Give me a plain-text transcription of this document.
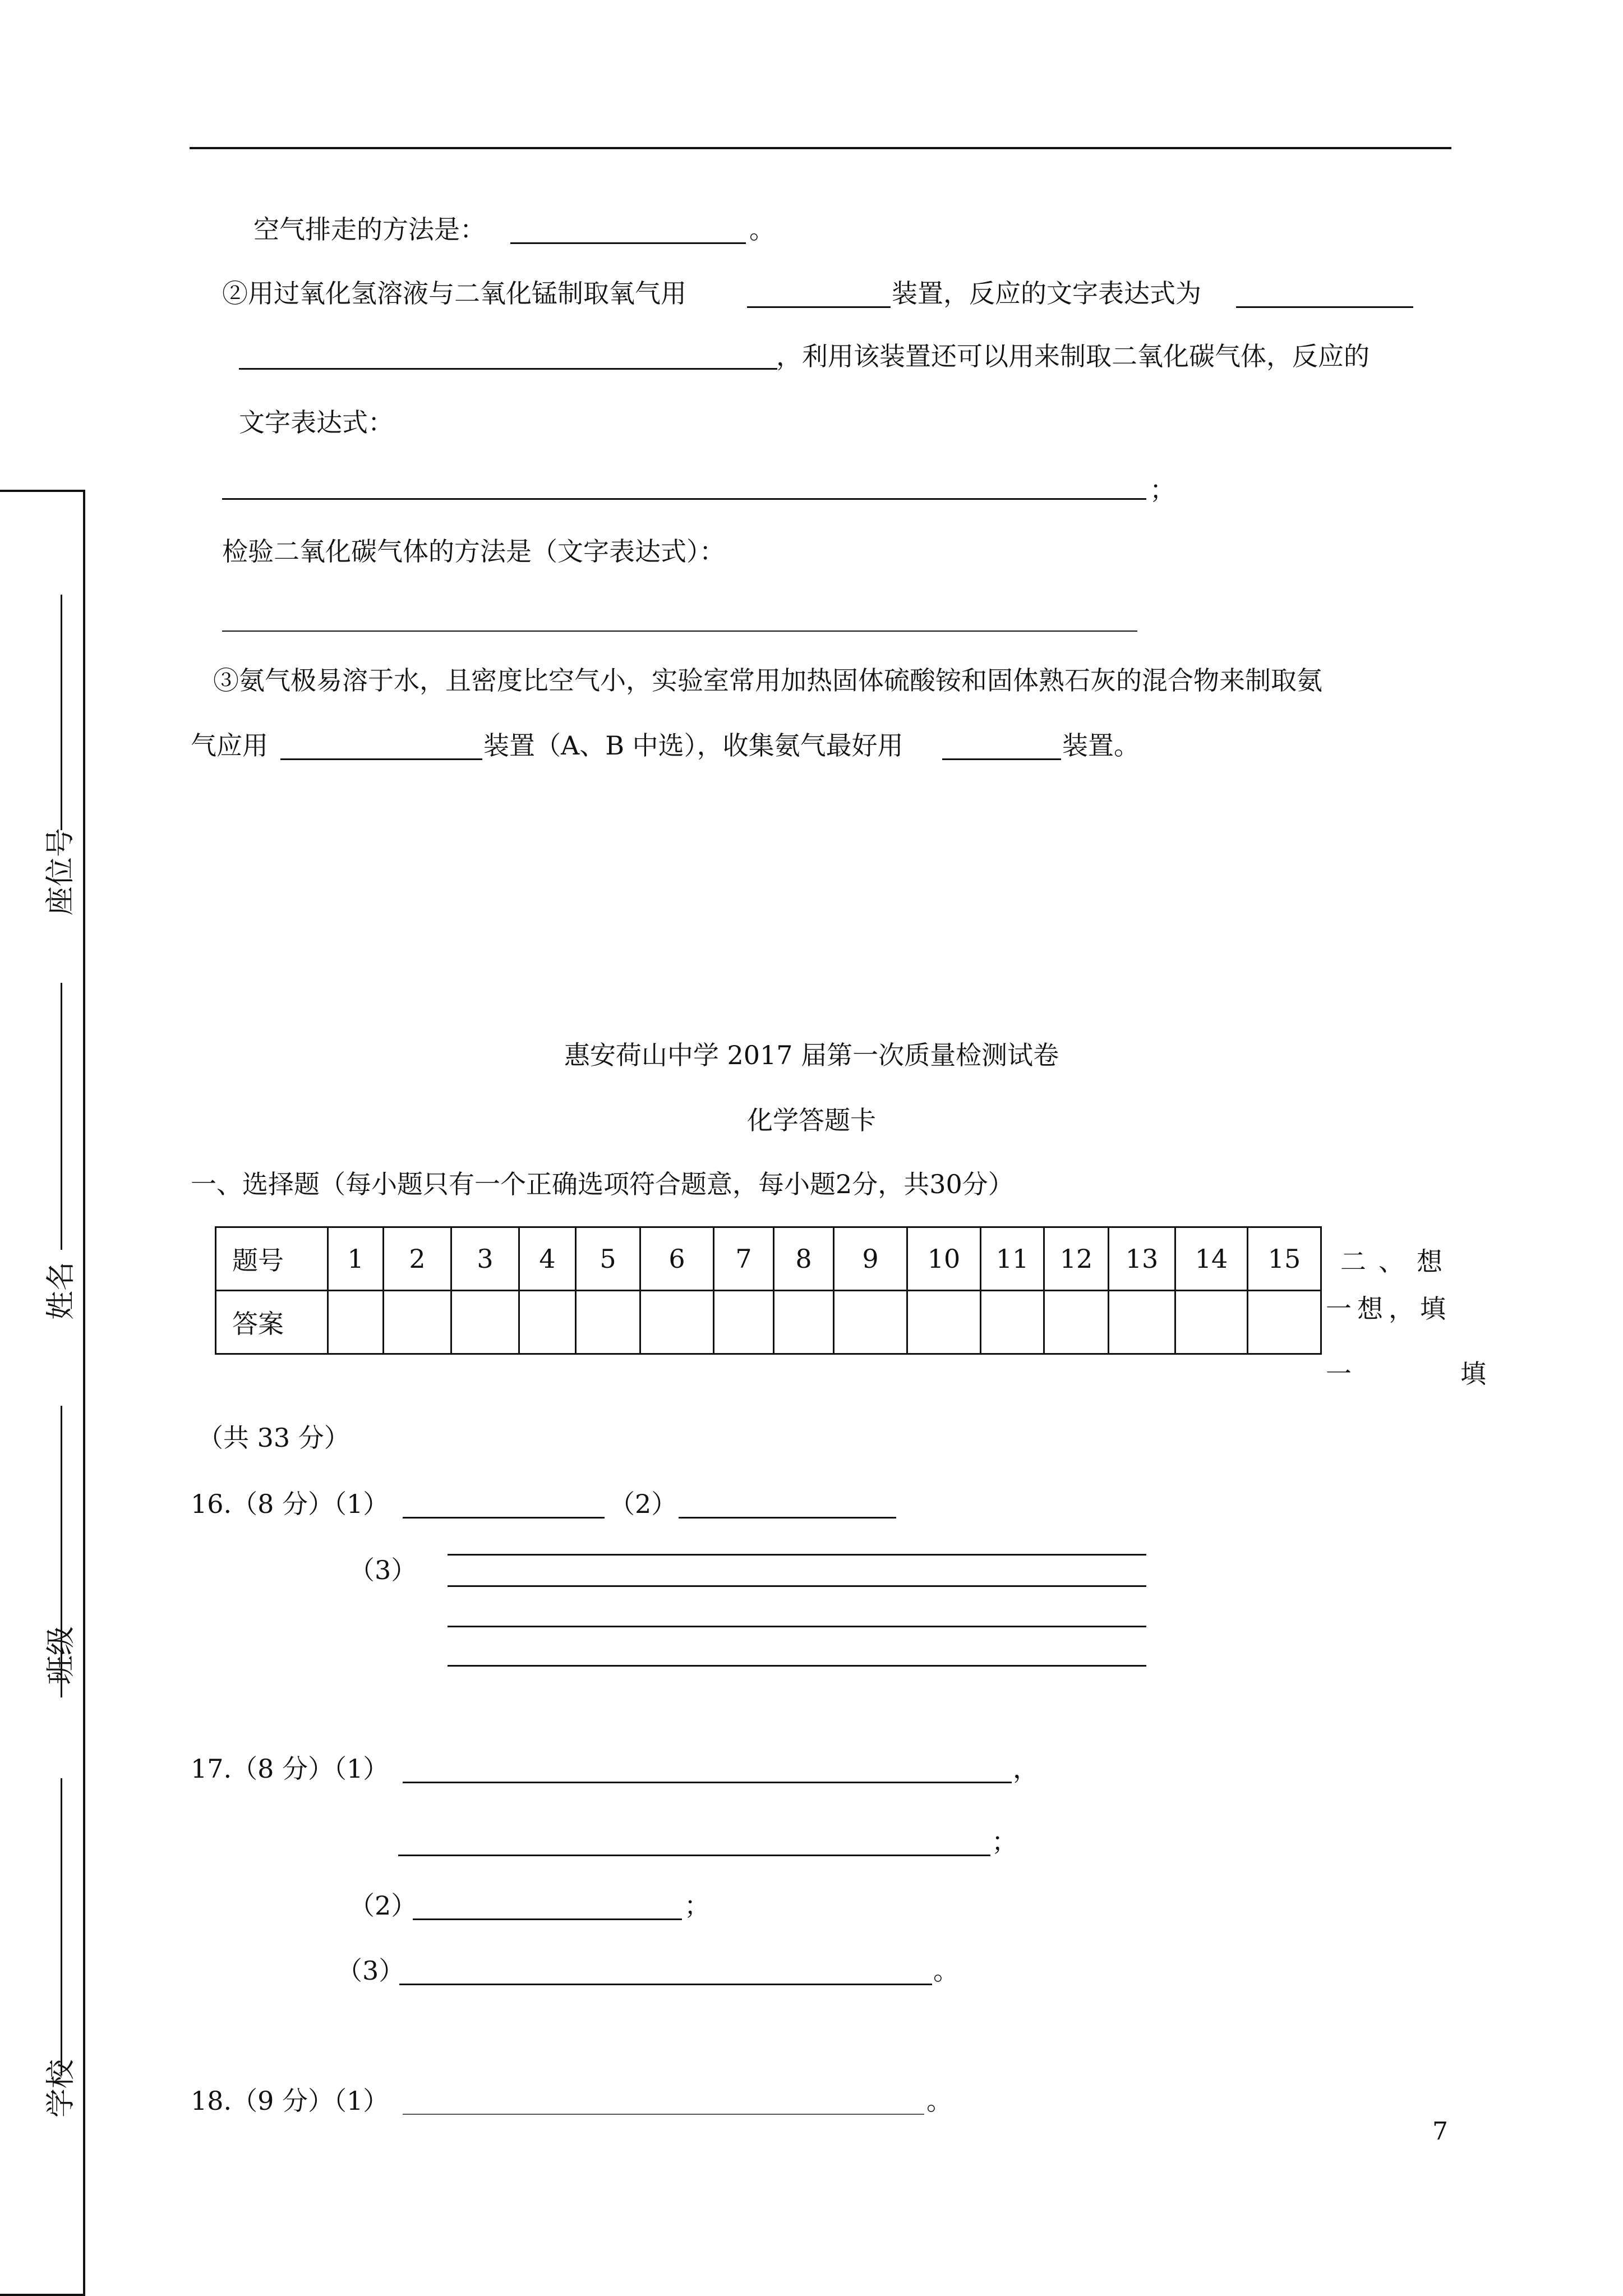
空气排走的方法是：	。
②用过氧化氢溶液与二氧化锰制取氧气用	装置，反应的文字表达式为
，利用该装置还可以用来制取二氧化碳气体，反应的
文字表达式：
；
检验二氧化碳气体的方法是（文字表达式）：
③氨气极易溶于水，且密度比空气小，实验室常用加热固体硫酸铵和固体熟石灰的混合物来制取氨
气应用	装置（A、B 中选），收集氨气最好用	装置。
座位号
姓名
班级
学校
惠安荷山中学 2017 届第一次质量检测试卷
化学答题卡
一、选择题（每小题只有一个正确选项符合题意，每小题2分，共30分）
题号	1	2	3	4	5	6	7	8	9	10	11	12	13	14	15
答案															
二、想
一想，填
一　　填
（共 33 分）
16.（8 分）（1）	（2）
（3）
17.（8 分）（1）	，
；
（2）	；
（3）	。
18.（9 分）（1）	。
7
